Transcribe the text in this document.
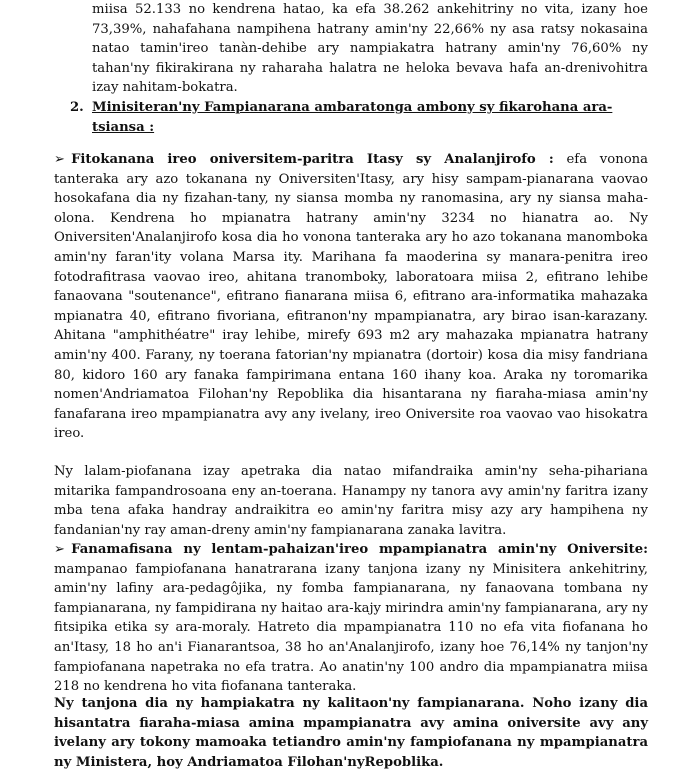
miisa 52.133 no kendrena hatao, ka efa 38.262 ankehitriny no vita, izany hoe 73,39%, nahafahana nampihena hatrany amin'ny 22,66% ny asa ratsy nokasaina natao tamin'ireo tanàn-dehibe ary nampiakatra hatrany amin'ny 76,60% ny tahan'ny fikirakirana ny raharaha halatra ne heloka bevava hafa an-drenivohitra izay nahitam-bokatra.

2. Minisiteran'ny Fampianarana ambaratonga ambony sy fikarohana ara-

tsiansa :

➢ Fitokanana ireo oniversitem-paritra Itasy sy Analanjirofo : efa vonona tanteraka ary azo tokanana ny Oniversiten'Itasy, ary hisy sampam-pianarana vaovao hosokafana dia ny fizahan-tany, ny siansa momba ny ranomasina, ary ny siansa maha-olona. Kendrena ho mpianatra hatrany amin'ny 3234 no hianatra ao. Ny Oniversiten'Analanjirofo kosa dia ho vonona tanteraka ary ho azo tokanana manomboka amin'ny faran'ity volana Marsa ity. Marihana fa maoderina sy manara-penitra ireo fotodrafitrasa vaovao ireo, ahitana tranomboky, laboratoara miisa 2, efitrano lehibe fanaovana "soutenance", efitrano fianarana miisa 6, efitrano ara-informatika mahazaka mpianatra 40, efitrano fivoriana, efitranon'ny mpampianatra, ary birao isan-karazany. Ahitana "amphithéatre" iray lehibe, mirefy 693 m2 ary mahazaka mpianatra hatrany amin'ny 400. Farany, ny toerana fatorian'ny mpianatra (dortoir) kosa dia misy fandriana 80, kidoro 160 ary fanaka fampirimana entana 160 ihany koa. Araka ny toromarika nomen'Andriamatoa Filohan'ny Repoblika dia hisantarana ny fiaraha-miasa amin'ny fanafarana ireo mpampianatra avy any ivelany, ireo Oniversite roa vaovao vao hisokatra ireo.

Ny lalam-piofanana izay apetraka dia natao mifandraika amin'ny seha-pihariana mitarika fampandrosoana eny an-toerana. Hanampy ny tanora avy amin'ny faritra izany mba tena afaka handray andraikitra eo amin'ny faritra misy azy ary hampihena ny fandanian'ny ray aman-dreny amin'ny fampianarana zanaka lavitra.

➢ Fanamafisana ny lentam-pahaizan'ireo mpampianatra amin'ny Oniversite: mampanao fampiofanana hanatrarana izany tanjona izany ny Minisitera ankehitriny, amin'ny lafiny ara-pedagôjika, ny fomba fampianarana, ny fanaovana tombana ny fampianarana, ny fampidirana ny haitao ara-kajy mirindra amin'ny fampianarana, ary ny fitsipika etika sy ara-moraly. Hatreto dia mpampianatra 110 no efa vita fiofanana ho an'Itasy, 18 ho an'i Fianarantsoa, 38 ho an'Analanjirofo, izany hoe 76,14% ny tanjon'ny fampiofanana napetraka no efa tratra. Ao anatin'ny 100 andro dia mpampianatra miisa 218 no kendrena ho vita fiofanana tanteraka.

Ny tanjona dia ny hampiakatra ny kalitaon'ny fampianarana. Noho izany dia hisantatra fiaraha-miasa amina mpampianatra avy amina oniversite avy any ivelany ary tokony mamoaka tetiandro amin'ny fampiofanana ny mpampianatra ny Ministera, hoy Andriamatoa Filohan'nyRepoblika.
